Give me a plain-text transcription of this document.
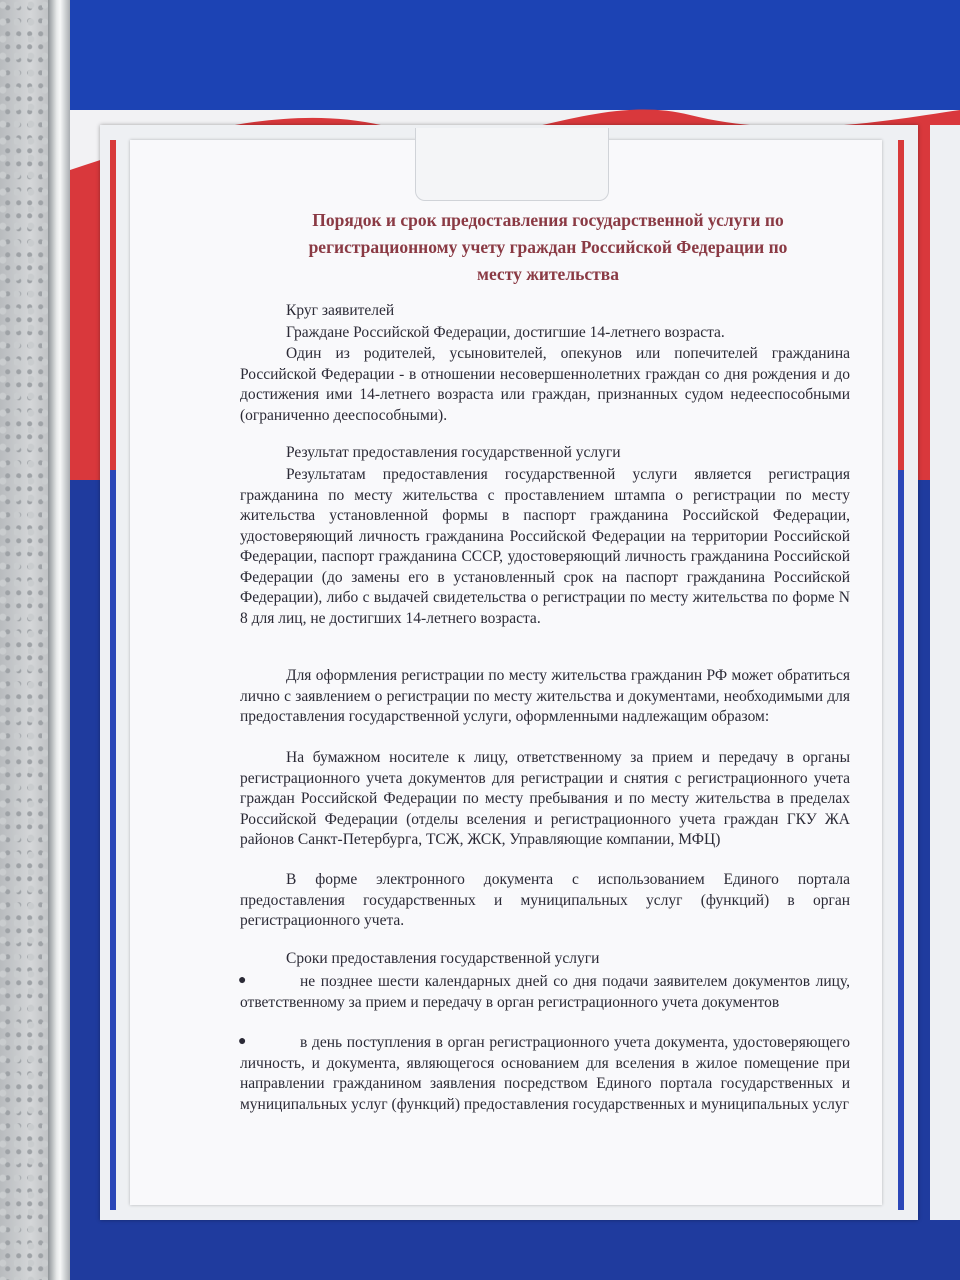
Порядок и срок предоставления государственной услуги по
регистрационному учету граждан Российской Федерации по
месту жительства
Круг заявителей
Граждане Российской Федерации, достигшие 14-летнего возраста.
Один из родителей, усыновителей, опекунов или попечителей гражданина Российской Федерации - в отношении несовершеннолетних граждан со дня рождения и до достижения ими 14-летнего возраста или граждан, признанных судом недееспособными (ограниченно дееспособными).
Результат предоставления государственной услуги
Результатам предоставления государственной услуги является регистрация гражданина по месту жительства с проставлением штампа о регистрации по месту жительства установленной формы в паспорт гражданина Российской Федерации, удостоверяющий личность гражданина Российской Федерации на территории Российской Федерации, паспорт гражданина СССР, удостоверяющий личность гражданина Российской Федерации (до замены его в установленный срок на паспорт гражданина Российской Федерации), либо с выдачей свидетельства о регистрации по месту жительства по форме N 8 для лиц, не достигших 14-летнего возраста.
Для оформления регистрации по месту жительства гражданин РФ может обратиться лично с заявлением о регистрации по месту жительства и документами, необходимыми для предоставления государственной услуги, оформленными надлежащим образом:
На бумажном носителе к лицу, ответственному за прием и передачу в органы регистрационного учета документов для регистрации и снятия с регистрационного учета граждан Российской Федерации по месту пребывания и по месту жительства в пределах Российской Федерации (отделы вселения и регистрационного учета граждан ГКУ ЖА районов Санкт-Петербурга, ТСЖ, ЖСК, Управляющие компании, МФЦ)
В форме электронного документа с использованием Единого портала предоставления государственных и муниципальных услуг (функций) в орган регистрационного учета.
Сроки предоставления государственной услуги
●	не позднее шести календарных дней со дня подачи заявителем документов лицу, ответственному за прием и передачу в орган регистрационного учета документов
●	в день поступления в орган регистрационного учета документа, удостоверяющего личность, и документа, являющегося основанием для вселения в жилое помещение при направлении гражданином заявления посредством Единого портала государственных и муниципальных услуг (функций) предоставления государственных и муниципальных услуг
